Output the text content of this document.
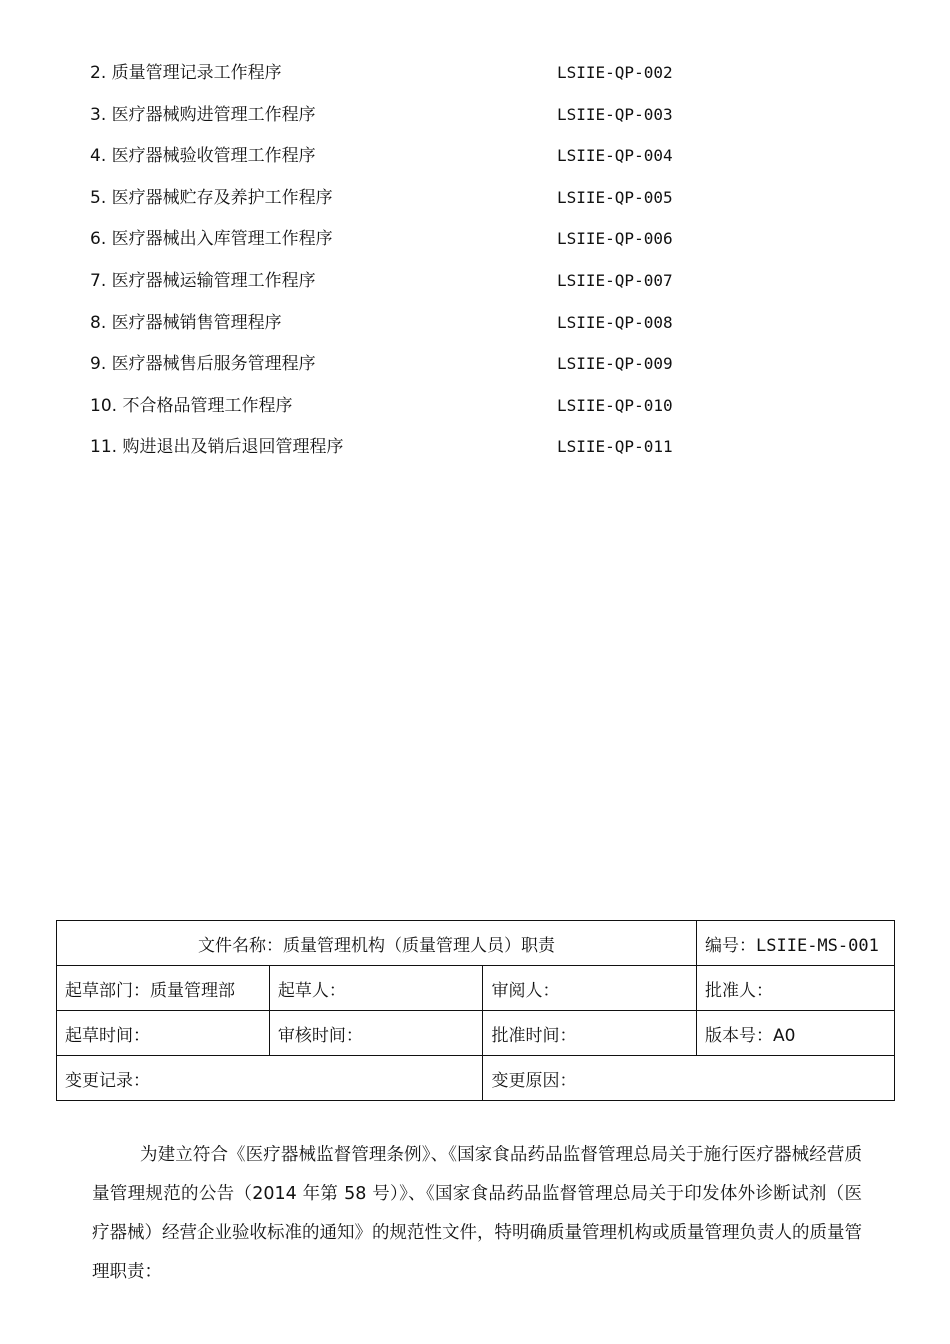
2. 质量管理记录工作程序	LSIIE-QP-002
3. 医疗器械购进管理工作程序	LSIIE-QP-003
4. 医疗器械验收管理工作程序	LSIIE-QP-004
5. 医疗器械贮存及养护工作程序	LSIIE-QP-005
6. 医疗器械出入库管理工作程序	LSIIE-QP-006
7. 医疗器械运输管理工作程序	LSIIE-QP-007
8. 医疗器械销售管理程序	LSIIE-QP-008
9. 医疗器械售后服务管理程序	LSIIE-QP-009
10. 不合格品管理工作程序	LSIIE-QP-010
11. 购进退出及销后退回管理程序	LSIIE-QP-011
文件名称：质量管理机构（质量管理人员）职责			编号：LSIIE-MS-001
起草部门：质量管理部	起草人：	审阅人：	批准人：
起草时间：	审核时间：	批准时间：	版本号：A0
变更记录：		变更原因：	

为建立符合《医疗器械监督管理条例》、《国家食品药品监督管理总局关于施行医疗器械经营质量管理规范的公告（2014 年第 58 号）》、《国家食品药品监督管理总局关于印发体外诊断试剂（医疗器械）经营企业验收标准的通知》的规范性文件，特明确质量管理机构或质量管理负责人的质量管理职责：
